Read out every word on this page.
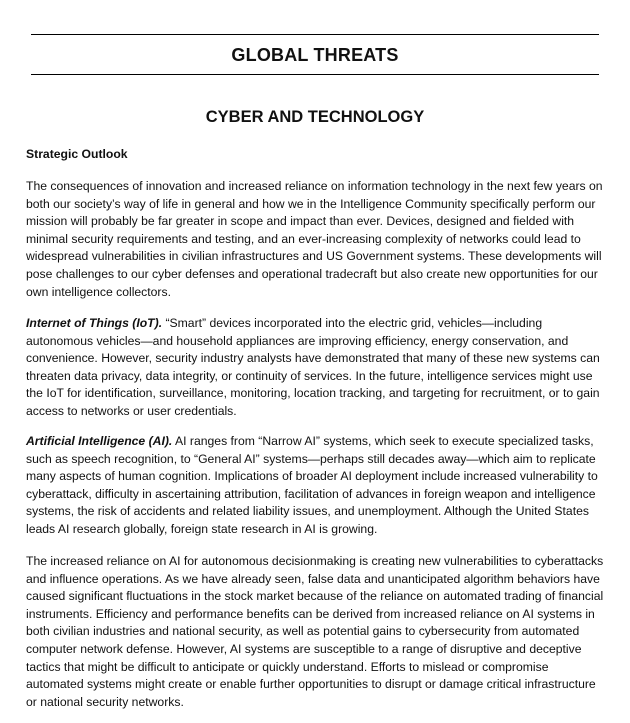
GLOBAL THREATS
CYBER AND TECHNOLOGY
Strategic Outlook

The consequences of innovation and increased reliance on information technology in the next few years on both our society’s way of life in general and how we in the Intelligence Community specifically perform our mission will probably be far greater in scope and impact than ever. Devices, designed and fielded with minimal security requirements and testing, and an ever-increasing complexity of networks could lead to widespread vulnerabilities in civilian infrastructures and US Government systems. These developments will pose challenges to our cyber defenses and operational tradecraft but also create new opportunities for our own intelligence collectors.

Internet of Things (IoT). “Smart” devices incorporated into the electric grid, vehicles—including autonomous vehicles—and household appliances are improving efficiency, energy conservation, and convenience. However, security industry analysts have demonstrated that many of these new systems can threaten data privacy, data integrity, or continuity of services. In the future, intelligence services might use the IoT for identification, surveillance, monitoring, location tracking, and targeting for recruitment, or to gain access to networks or user credentials.

Artificial Intelligence (AI). AI ranges from “Narrow AI” systems, which seek to execute specialized tasks, such as speech recognition, to “General AI” systems—perhaps still decades away—which aim to replicate many aspects of human cognition. Implications of broader AI deployment include increased vulnerability to cyberattack, difficulty in ascertaining attribution, facilitation of advances in foreign weapon and intelligence systems, the risk of accidents and related liability issues, and unemployment. Although the United States leads AI research globally, foreign state research in AI is growing.

The increased reliance on AI for autonomous decisionmaking is creating new vulnerabilities to cyberattacks and influence operations. As we have already seen, false data and unanticipated algorithm behaviors have caused significant fluctuations in the stock market because of the reliance on automated trading of financial instruments. Efficiency and performance benefits can be derived from increased reliance on AI systems in both civilian industries and national security, as well as potential gains to cybersecurity from automated computer network defense. However, AI systems are susceptible to a range of disruptive and deceptive tactics that might be difficult to anticipate or quickly understand. Efforts to mislead or compromise automated systems might create or enable further opportunities to disrupt or damage critical infrastructure or national security networks.
